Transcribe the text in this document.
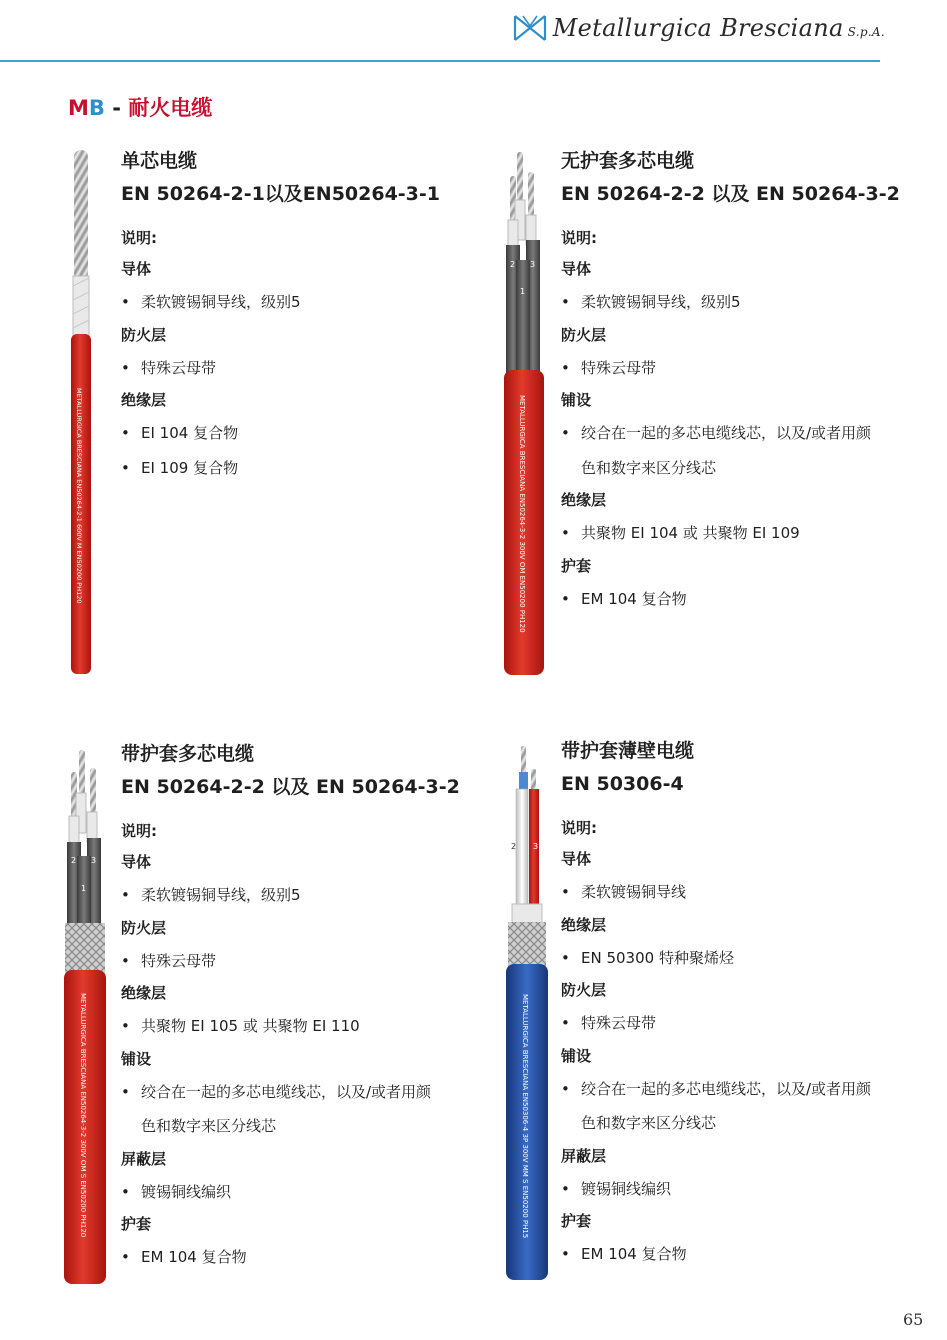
Metallurgica Bresciana S.p.A.
MB - 耐火电缆
METALLURGICA BRESCIANA EN50264-2-1 600V M EN50200 PH120
2 3
1
METALLURGICA BRESCIANA EN50264-3-2 300V OM EN50200 PH120
2 3
1
METALLURGICA BRESCIANA EN50264-3-2 300V OM S EN50200 PH120
2 3
METALLURGICA BRESCIANA EN50306-4 3P 300V MM S EN50200 PH15
单芯电缆
EN 50264-2-1以及EN50264-3-1
说明:
导体
• 柔软镀锡铜导线，级别5
防火层
• 特殊云母带
绝缘层
• EI 104 复合物
• EI 109 复合物
无护套多芯电缆
EN 50264-2-2 以及 EN 50264-3-2
说明:
导体
• 柔软镀锡铜导线，级别5
防火层
• 特殊云母带
铺设
• 绞合在一起的多芯电缆线芯，以及/或者用颜
色和数字来区分线芯
绝缘层
• 共聚物 EI 104 或 共聚物 EI 109
护套
• EM 104 复合物
带护套多芯电缆
EN 50264-2-2 以及 EN 50264-3-2
说明:
导体
• 柔软镀锡铜导线，级别5
防火层
• 特殊云母带
绝缘层
• 共聚物 EI 105 或 共聚物 EI 110
铺设
• 绞合在一起的多芯电缆线芯，以及/或者用颜
色和数字来区分线芯
屏蔽层
• 镀锡铜线编织
护套
• EM 104 复合物
带护套薄壁电缆
EN 50306-4
说明:
导体
• 柔软镀锡铜导线
绝缘层
• EN 50300 特种聚烯烃
防火层
• 特殊云母带
铺设
• 绞合在一起的多芯电缆线芯，以及/或者用颜
色和数字来区分线芯
屏蔽层
• 镀锡铜线编织
护套
• EM 104 复合物
65
